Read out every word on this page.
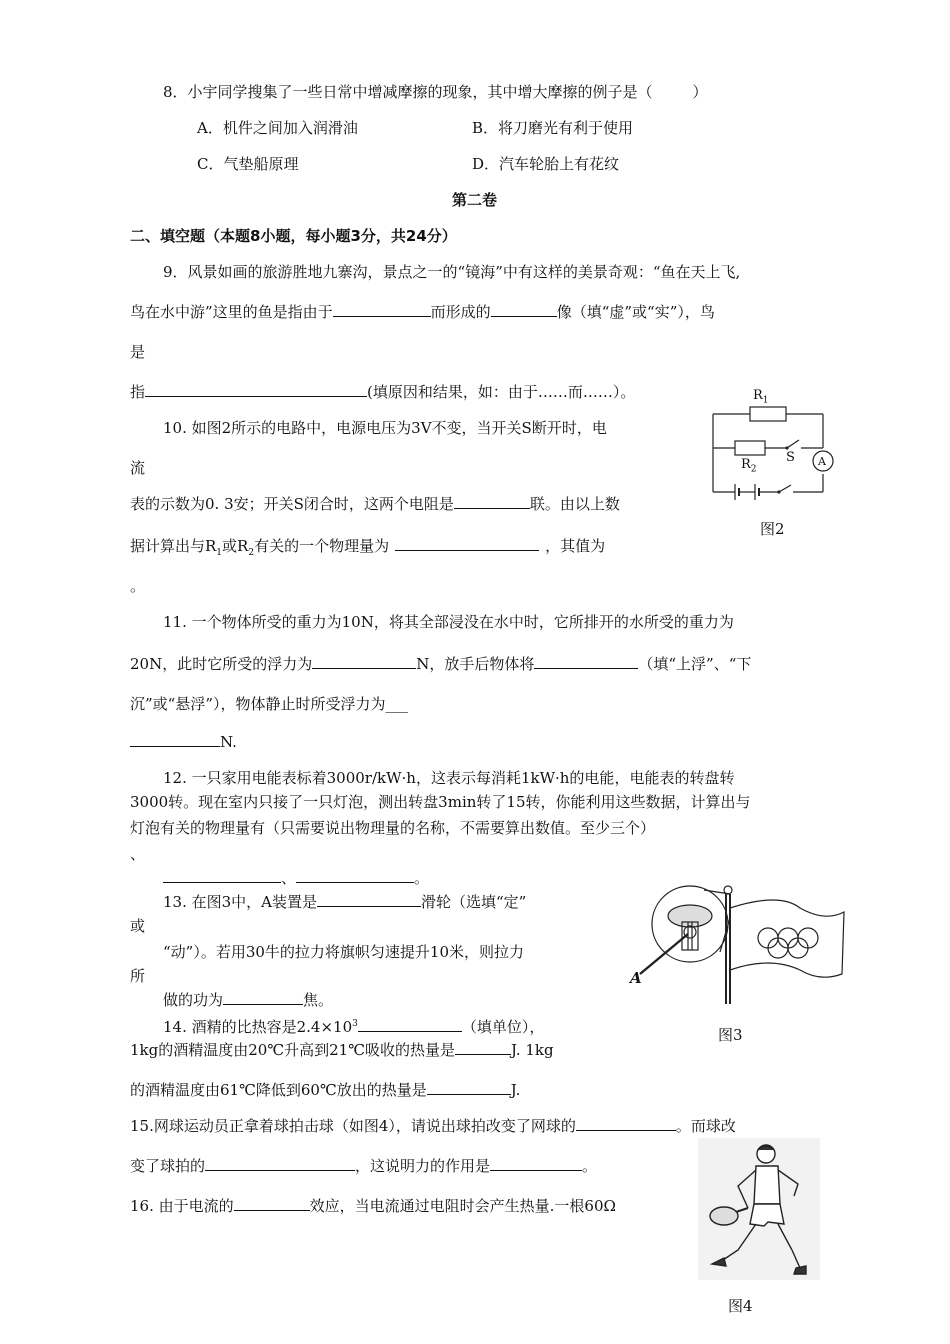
8．小宇同学搜集了一些日常中增减摩擦的现象，其中增大摩擦的例子是（	）
A．机件之间加入润滑油	B．将刀磨光有利于使用
C．气垫船原理	D．汽车轮胎上有花纹
第二卷
二、填空题（本题8小题，每小题3分，共24分）
9．风景如画的旅游胜地九寨沟，景点之一的“镜海”中有这样的美景奇观：“鱼在天上飞,
鸟在水中游”这里的鱼是指由于	而形成的	像（填“虚”或“实”），鸟
是
指	(填原因和结果，如：由于……而……）。
10. 如图2所示的电路中，电源电压为3V不变，当开关S断开时，电
流
表的示数为0. 3安；开关S闭合时，这两个电阻是	联。由以上数
据计算出与$R_1$或$R_2$有关的一个物理量为	，其值为
。
$R_1$
$R_2$
S A
图2
11. 一个物体所受的重力为10N，将其全部浸没在水中时，它所排开的水所受的重力为
20N，此时它所受的浮力为	N，放手后物体将	（填“上浮”、“下
沉”或“悬浮”），物体静止时所受浮力为___
N.
12. 一只家用电能表标着3000r/kW·h，这表示每消耗1kW·h的电能，电能表的转盘转
3000转。现在室内只接了一只灯泡，测出转盘3min转了15转，你能利用这些数据，计算出与
灯泡有关的物理量有（只需要说出物理量的名称，不需要算出数值。至少三个）
、
、	。
13. 在图3中，A装置是	滑轮（选填“定”
或
“动”）。若用30牛的拉力将旗帜匀速提升10米，则拉力
所
做的功为	焦。
A
图3
14. 酒精的比热容是$2.4\times 10^3$	（填单位），
1kg的酒精温度由20℃升高到21℃吸收的热量是	J. 1kg
的酒精温度由61℃降低到60℃放出的热量是	J.
15.网球运动员正拿着球拍击球（如图4），请说出球拍改变了网球的	。而球改
变了球拍的	，这说明力的作用是	。
16. 由于电流的	效应，当电流通过电阻时会产生热量.一根60Ω
图4
